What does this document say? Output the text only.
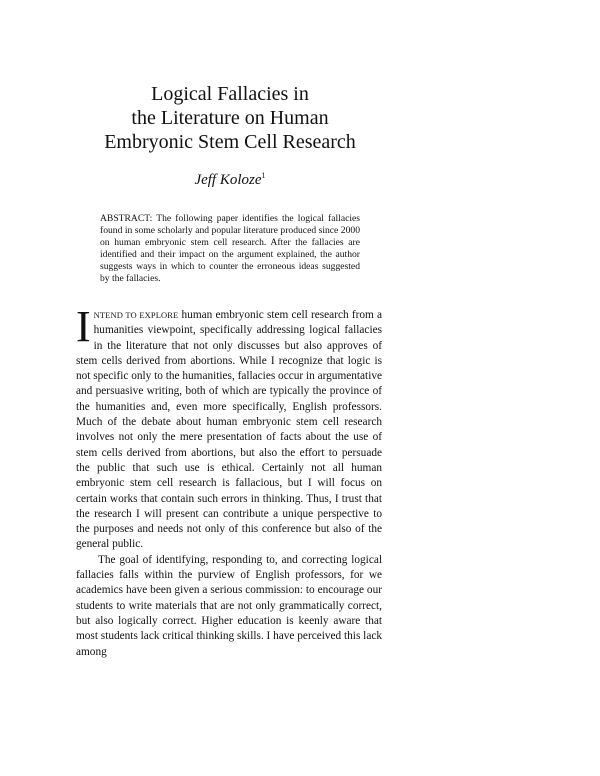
Logical Fallacies in
the Literature on Human
Embryonic Stem Cell Research
Jeff Koloze$^1$
ABSTRACT: The following paper identifies the logical fallacies found in some scholarly and popular literature produced since 2000 on human embryonic stem cell research. After the fallacies are identified and their impact on the argument explained, the author suggests ways in which to counter the erroneous ideas suggested by the fallacies.

INTEND TO EXPLORE human embryonic stem cell research from a humanities viewpoint, specifically addressing logical fallacies in the literature that not only discusses but also approves of stem cells derived from abortions. While I recognize that logic is not specific only to the humanities, fallacies occur in argumentative and persuasive writing, both of which are typically the province of the humanities and, even more specifically, English professors. Much of the debate about human embryonic stem cell research involves not only the mere presentation of facts about the use of stem cells derived from abortions, but also the effort to persuade the public that such use is ethical. Certainly not all human embryonic stem cell research is fallacious, but I will focus on certain works that contain such errors in thinking. Thus, I trust that the research I will present can contribute a unique perspective to the purposes and needs not only of this conference but also of the general public.

The goal of identifying, responding to, and correcting logical fallacies falls within the purview of English professors, for we academics have been given a serious commission: to encourage our students to write materials that are not only grammatically correct, but also logically correct. Higher education is keenly aware that most students lack critical thinking skills. I have perceived this lack among
